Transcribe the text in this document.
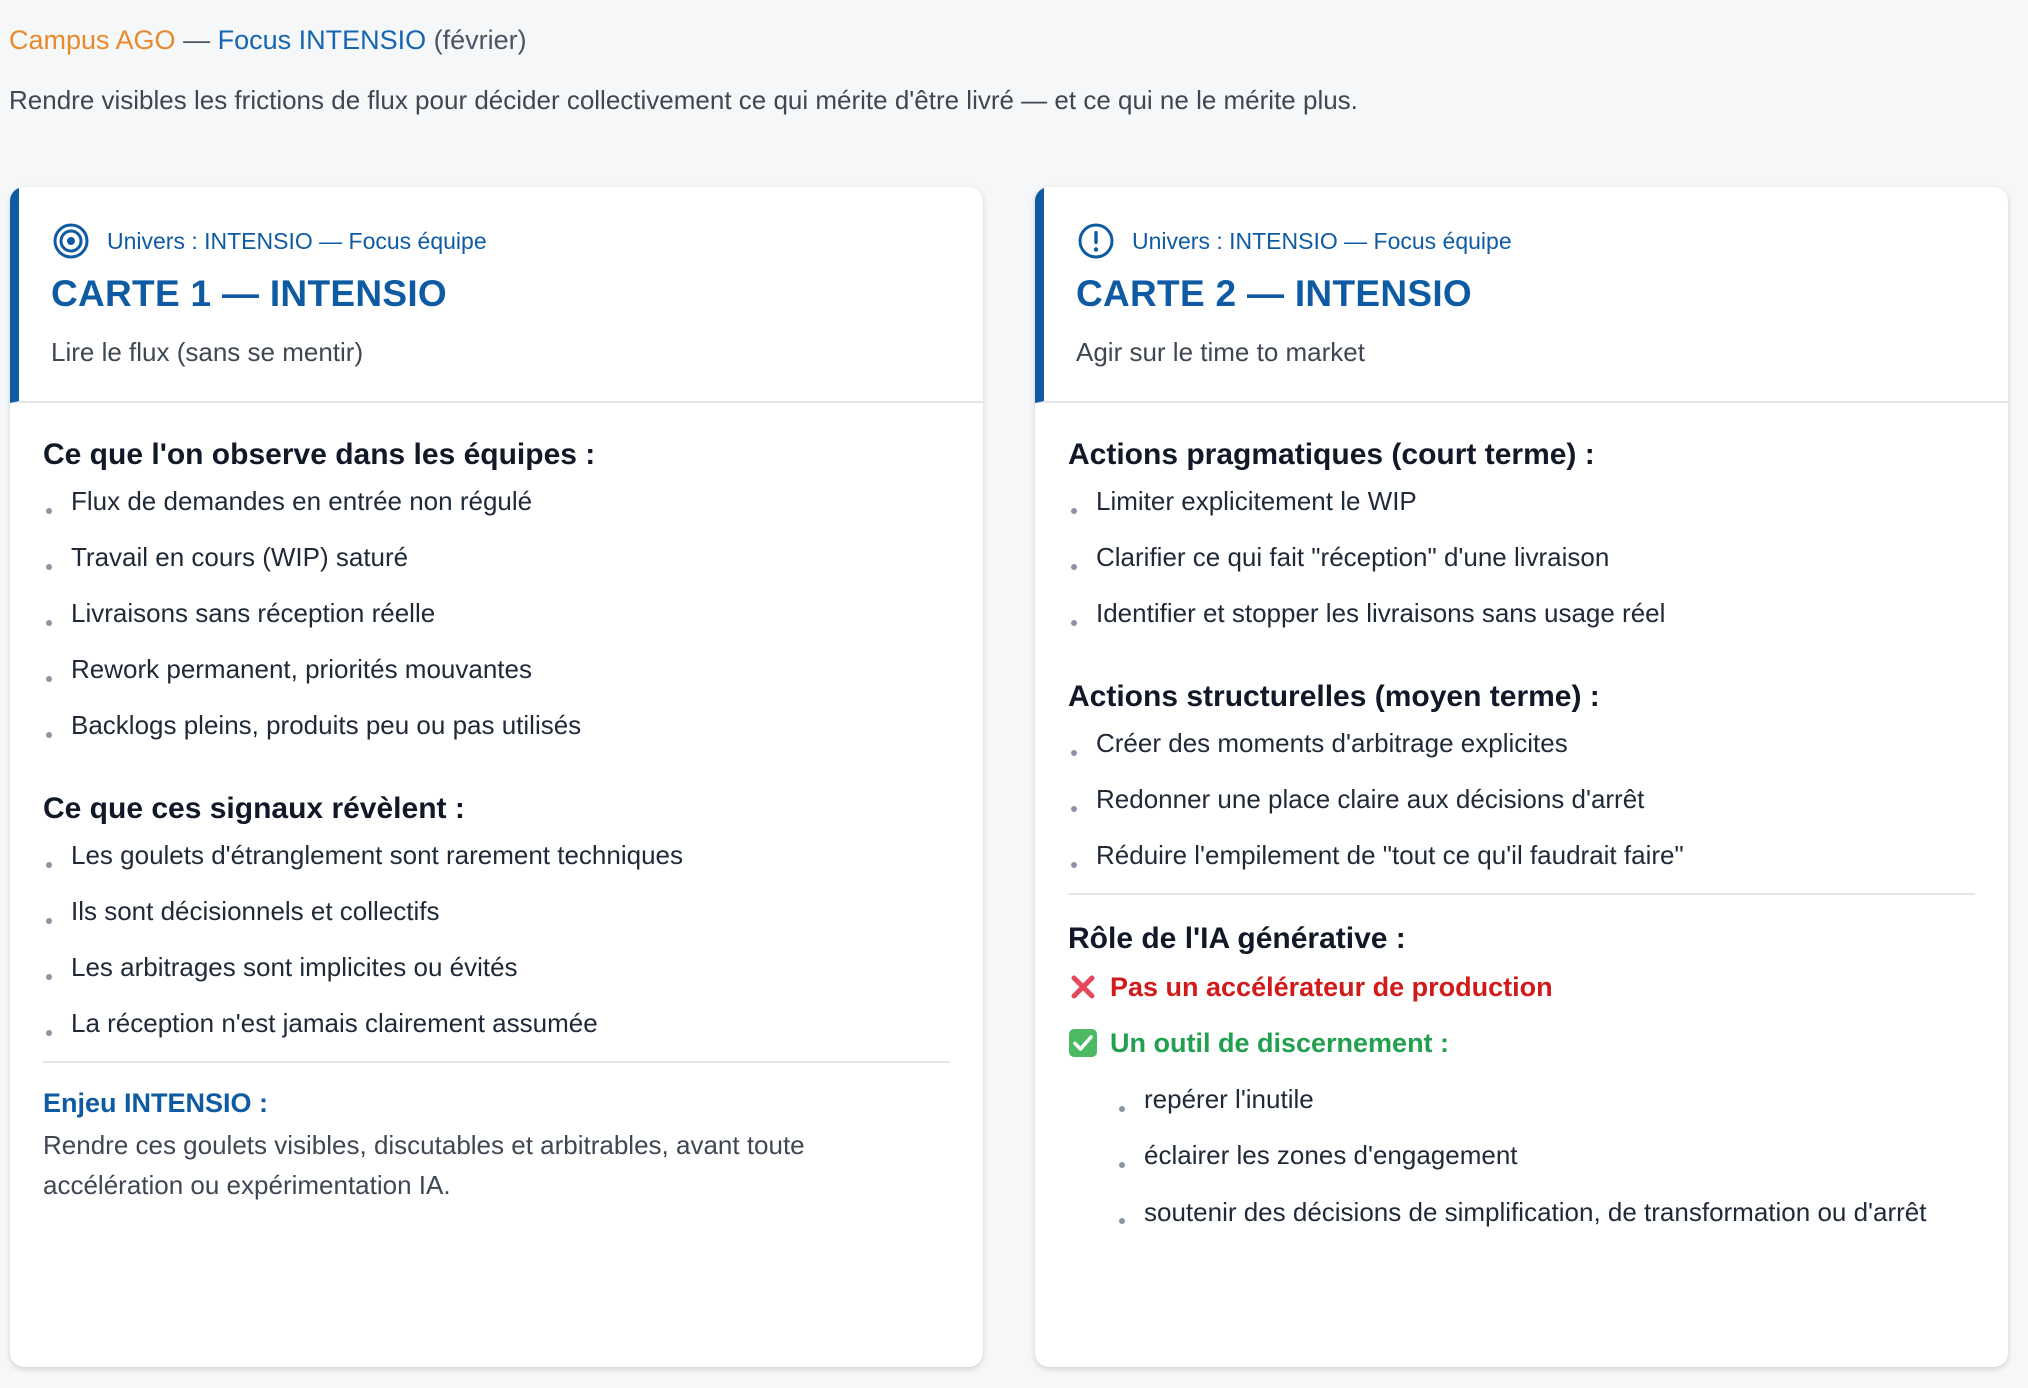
Campus AGO — Focus INTENSIO (février)
Rendre visibles les frictions de flux pour décider collectivement ce qui mérite d'être livré — et ce qui ne le mérite plus.
Univers : INTENSIO — Focus équipe
CARTE 1 — INTENSIO
Lire le flux (sans se mentir)
Ce que l'on observe dans les équipes :
Flux de demandes en entrée non régulé
Travail en cours (WIP) saturé
Livraisons sans réception réelle
Rework permanent, priorités mouvantes
Backlogs pleins, produits peu ou pas utilisés
Ce que ces signaux révèlent :
Les goulets d'étranglement sont rarement techniques
Ils sont décisionnels et collectifs
Les arbitrages sont implicites ou évités
La réception n'est jamais clairement assumée
Enjeu INTENSIO :
Rendre ces goulets visibles, discutables et arbitrables, avant toute
accélération ou expérimentation IA.
Univers : INTENSIO — Focus équipe
CARTE 2 — INTENSIO
Agir sur le time to market
Actions pragmatiques (court terme) :
Limiter explicitement le WIP
Clarifier ce qui fait "réception" d'une livraison
Identifier et stopper les livraisons sans usage réel
Actions structurelles (moyen terme) :
Créer des moments d'arbitrage explicites
Redonner une place claire aux décisions d'arrêt
Réduire l'empilement de "tout ce qu'il faudrait faire"
Rôle de l'IA générative :
Pas un accélérateur de production
Un outil de discernement :
repérer l'inutile
éclairer les zones d'engagement
soutenir des décisions de simplification, de transformation ou d'arrêt
